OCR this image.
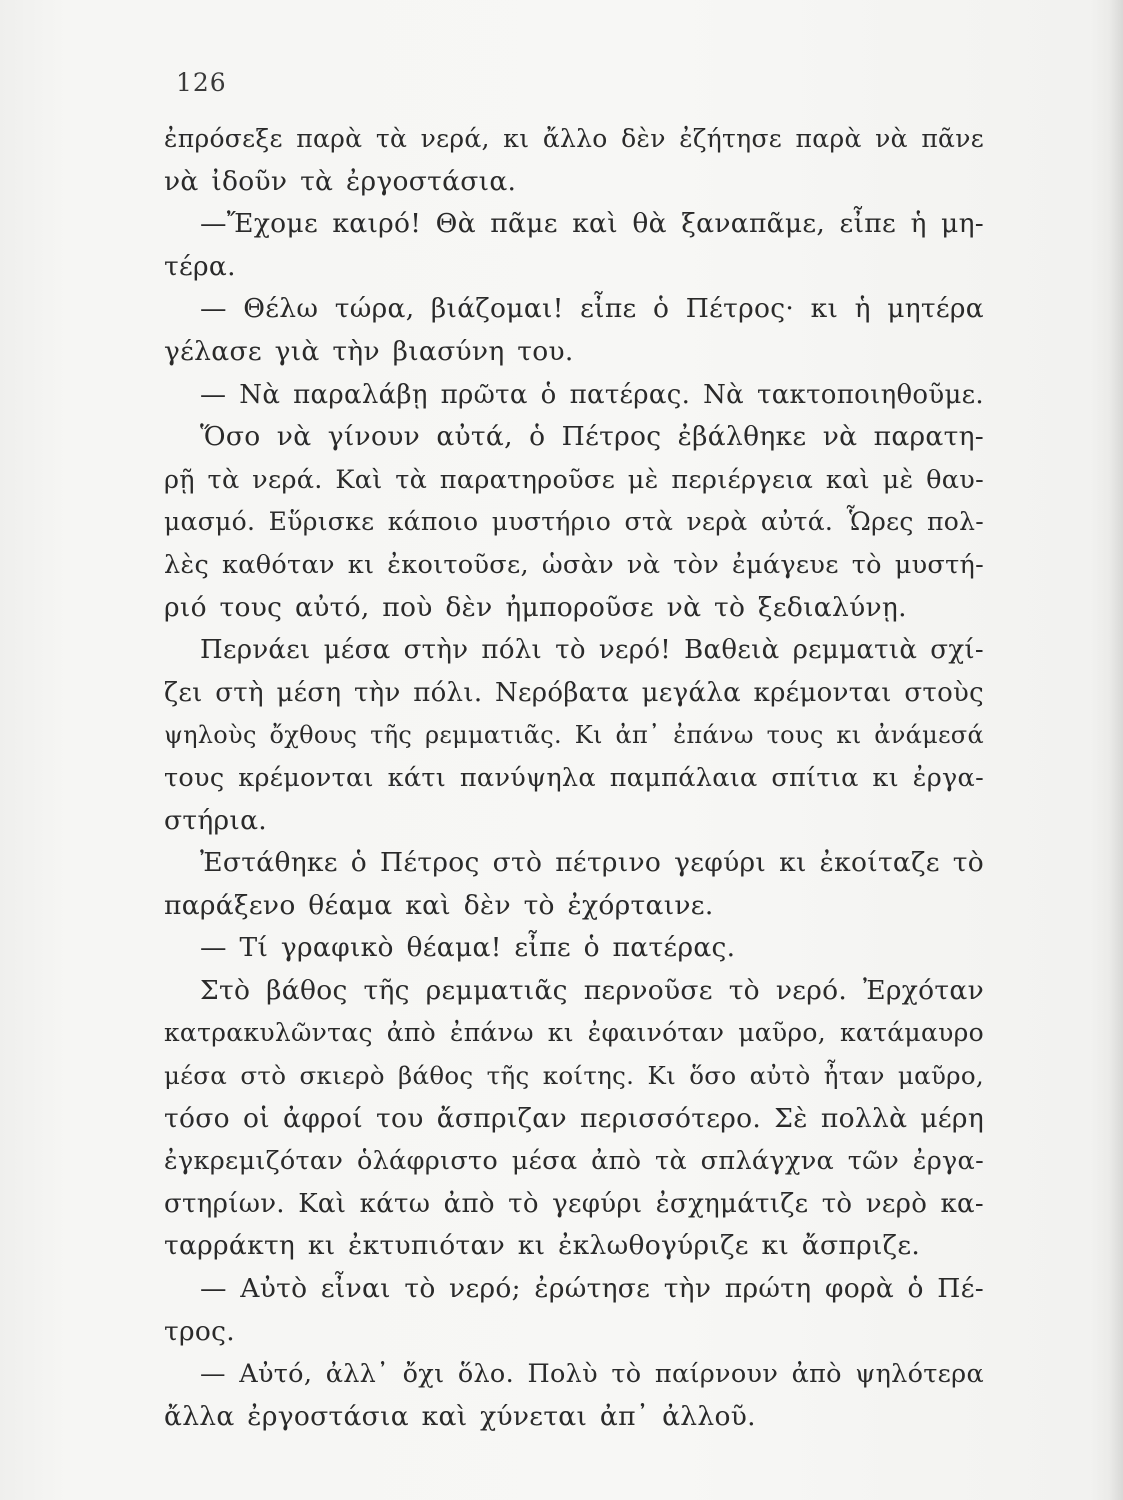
126
ἐπρόσεξε παρὰ τὰ νερά, κι ἄλλο δὲν ἐζήτησε παρὰ νὰ πᾶνε
νὰ ἰδοῦν τὰ ἐργοστάσια.
—Ἔχομε καιρό! Θὰ πᾶμε καὶ θὰ ξαναπᾶμε, εἶπε ἡ μη-
τέρα.
— Θέλω τώρα, βιάζομαι! εἶπε ὁ Πέτρος· κι ἡ μητέρα
γέλασε γιὰ τὴν βιασύνη του.
— Νὰ παραλάβῃ πρῶτα ὁ πατέρας. Νὰ τακτοποιηθοῦμε.
Ὅσο νὰ γίνουν αὐτά, ὁ Πέτρος ἐβάλθηκε νὰ παρατη-
ρῇ τὰ νερά. Καὶ τὰ παρατηροῦσε μὲ περιέργεια καὶ μὲ θαυ-
μασμό. Εὕρισκε κάποιο μυστήριο στὰ νερὰ αὐτά. Ὧρες πολ-
λὲς καθόταν κι ἐκοιτοῦσε, ὡσὰν νὰ τὸν ἐμάγευε τὸ μυστή-
ριό τους αὐτό, ποὺ δὲν ἠμποροῦσε νὰ τὸ ξεδιαλύνῃ.
Περνάει μέσα στὴν πόλι τὸ νερό! Βαθειὰ ρεμματιὰ σχί-
ζει στὴ μέση τὴν πόλι. Νερόβατα μεγάλα κρέμονται στοὺς
ψηλοὺς ὄχθους τῆς ρεμματιᾶς. Κι ἀπ᾽ ἐπάνω τους κι ἀνάμεσά
τους κρέμονται κάτι πανύψηλα παμπάλαια σπίτια κι ἐργα-
στήρια.
Ἐστάθηκε ὁ Πέτρος στὸ πέτρινο γεφύρι κι ἐκοίταζε τὸ
παράξενο θέαμα καὶ δὲν τὸ ἐχόρταινε.
— Τί γραφικὸ θέαμα! εἶπε ὁ πατέρας.
Στὸ βάθος τῆς ρεμματιᾶς περνοῦσε τὸ νερό. Ἐρχόταν
κατρακυλῶντας ἀπὸ ἐπάνω κι ἐφαινόταν μαῦρο, κατάμαυρο
μέσα στὸ σκιερὸ βάθος τῆς κοίτης. Κι ὅσο αὐτὸ ἦταν μαῦρο,
τόσο οἱ ἀφροί του ἄσπριζαν περισσότερο. Σὲ πολλὰ μέρη
ἐγκρεμιζόταν ὁλάφριστο μέσα ἀπὸ τὰ σπλάγχνα τῶν ἐργα-
στηρίων. Καὶ κάτω ἀπὸ τὸ γεφύρι ἐσχημάτιζε τὸ νερὸ κα-
ταρράκτη κι ἐκτυπιόταν κι ἐκλωθογύριζε κι ἄσπριζε.
— Αὐτὸ εἶναι τὸ νερό; ἐρώτησε τὴν πρώτη φορὰ ὁ Πέ-
τρος.
— Αὐτό, ἀλλ᾽ ὄχι ὅλο. Πολὺ τὸ παίρνουν ἀπὸ ψηλότερα
ἄλλα ἐργοστάσια καὶ χύνεται ἀπ᾽ ἀλλοῦ.
